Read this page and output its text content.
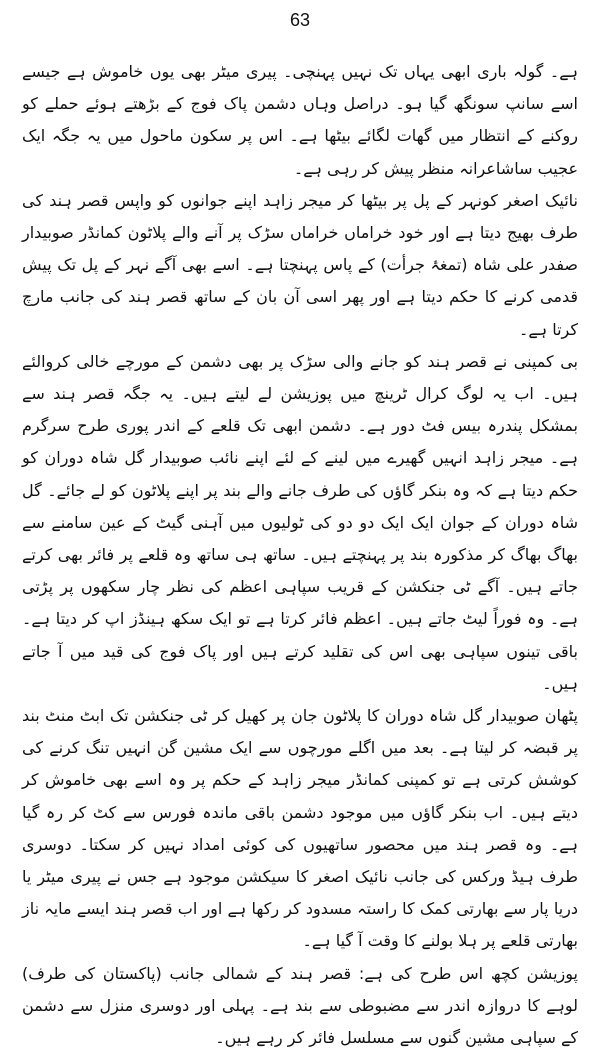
63

ہے۔ گولہ باری ابھی یہاں تک نہیں پہنچی۔ پیری میٹر بھی یوں خاموش ہے جیسے اسے سانپ سونگھ گیا ہو۔ دراصل وہاں دشمن پاک فوج کے بڑھتے ہوئے حملے کو روکنے کے انتظار میں گھات لگائے بیٹھا ہے۔ اس پر سکون ماحول میں یہ جگہ ایک عجیب ساشاعرانہ منظر پیش کر رہی ہے۔

نائیک اصغر کونہر کے پل پر بیٹھا کر میجر زاہد اپنے جوانوں کو واپس قصر ہند کی طرف بھیج دیتا ہے اور خود خراماں خراماں سڑک پر آنے والے پلاٹون کمانڈر صوبیدار صفدر علی شاہ (تمغۂ جرأت) کے پاس پہنچتا ہے۔ اسے بھی آگے نہر کے پل تک پیش قدمی کرنے کا حکم دیتا ہے اور پھر اسی آن بان کے ساتھ قصر ہند کی جانب مارچ کرتا ہے۔

بی کمپنی نے قصر ہند کو جانے والی سڑک پر بھی دشمن کے مورچے خالی کروالئے ہیں۔ اب یہ لوگ کرال ٹرینچ میں پوزیشن لے لیتے ہیں۔ یہ جگہ قصر ہند سے بمشکل پندرہ بیس فٹ دور ہے۔ دشمن ابھی تک قلعے کے اندر پوری طرح سرگرم ہے۔ میجر زاہد انہیں گھیرے میں لینے کے لئے اپنے نائب صوبیدار گل شاہ دوران کو حکم دیتا ہے کہ وہ بنکر گاؤں کی طرف جانے والے بند پر اپنے پلاٹون کو لے جائے۔ گل شاہ دوران کے جوان ایک ایک دو دو کی ٹولیوں میں آہنی گیٹ کے عین سامنے سے بھاگ بھاگ کر مذکورہ بند پر پہنچتے ہیں۔ ساتھ ہی ساتھ وہ قلعے پر فائر بھی کرتے جاتے ہیں۔ آگے ٹی جنکشن کے قریب سپاہی اعظم کی نظر چار سکھوں پر پڑتی ہے۔ وہ فوراً لیٹ جاتے ہیں۔ اعظم فائر کرتا ہے تو ایک سکھ ہینڈز اپ کر دیتا ہے۔ باقی تینوں سپاہی بھی اس کی تقلید کرتے ہیں اور پاک فوج کی قید میں آ جاتے ہیں۔

پٹھان صوبیدار گل شاہ دوران کا پلاٹون جان پر کھیل کر ٹی جنکشن تک ابٹ منٹ بند پر قبضہ کر لیتا ہے۔ بعد میں اگلے مورچوں سے ایک مشین گن انہیں تنگ کرنے کی کوشش کرتی ہے تو کمپنی کمانڈر میجر زاہد کے حکم پر وہ اسے بھی خاموش کر دیتے ہیں۔ اب بنکر گاؤں میں موجود دشمن باقی ماندہ فورس سے کٹ کر رہ گیا ہے۔ وہ قصر ہند میں محصور ساتھیوں کی کوئی امداد نہیں کر سکتا۔ دوسری طرف ہیڈ ورکس کی جانب نائیک اصغر کا سیکشن موجود ہے جس نے پیری میٹر یا دریا پار سے بھارتی کمک کا راستہ مسدود کر رکھا ہے اور اب قصر ہند ایسے مایہ ناز بھارتی قلعے پر ہلا بولنے کا وقت آ گیا ہے۔

پوزیشن کچھ اس طرح کی ہے: قصر ہند کے شمالی جانب (پاکستان کی طرف) لوہے کا دروازہ اندر سے مضبوطی سے بند ہے۔ پہلی اور دوسری منزل سے دشمن کے سپاہی مشین گنوں سے مسلسل فائر کر رہے ہیں۔
